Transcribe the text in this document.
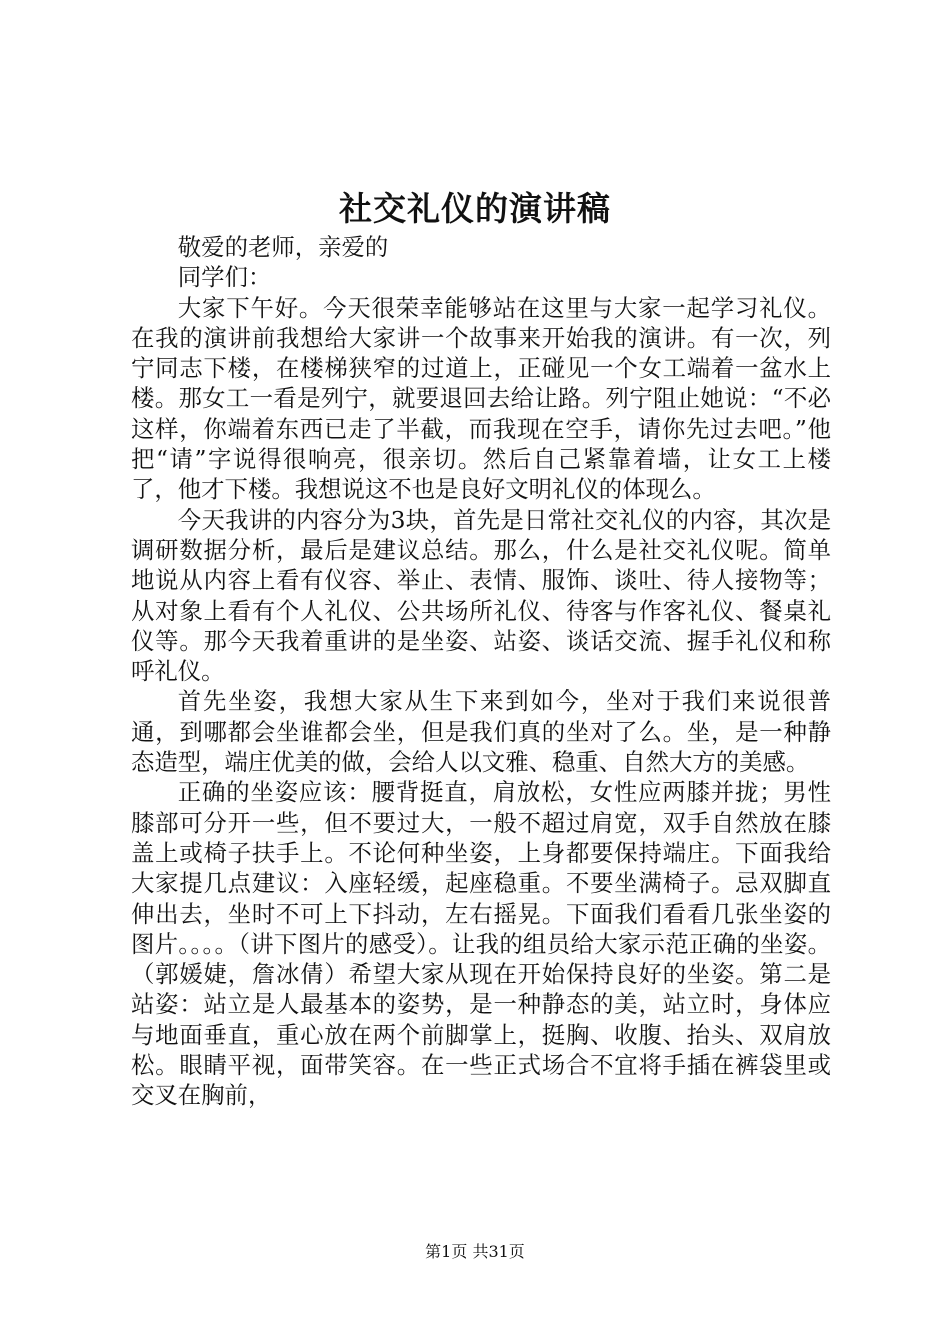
社交礼仪的演讲稿

敬爱的老师，亲爱的

同学们：

大家下午好。今天很荣幸能够站在这里与大家一起学习礼仪。在我的演讲前我想给大家讲一个故事来开始我的演讲。有一次，列宁同志下楼，在楼梯狭窄的过道上，正碰见一个女工端着一盆水上楼。那女工一看是列宁，就要退回去给让路。列宁阻止她说：“不必这样，你端着东西已走了半截，而我现在空手，请你先过去吧。”他把“请”字说得很响亮，很亲切。然后自己紧靠着墙，让女工上楼了，他才下楼。我想说这不也是良好文明礼仪的体现么。

今天我讲的内容分为3块，首先是日常社交礼仪的内容，其次是调研数据分析，最后是建议总结。那么，什么是社交礼仪呢。简单地说从内容上看有仪容、举止、表情、服饰、谈吐、待人接物等；从对象上看有个人礼仪、公共场所礼仪、待客与作客礼仪、餐桌礼仪等。那今天我着重讲的是坐姿、站姿、谈话交流、握手礼仪和称呼礼仪。

首先坐姿，我想大家从生下来到如今，坐对于我们来说很普通，到哪都会坐谁都会坐，但是我们真的坐对了么。坐，是一种静态造型，端庄优美的做，会给人以文雅、稳重、自然大方的美感。

正确的坐姿应该：腰背挺直，肩放松，女性应两膝并拢；男性膝部可分开一些，但不要过大，一般不超过肩宽，双手自然放在膝盖上或椅子扶手上。不论何种坐姿，上身都要保持端庄。下面我给大家提几点建议：入座轻缓，起座稳重。不要坐满椅子。忌双脚直伸出去，坐时不可上下抖动，左右摇晃。下面我们看看几张坐姿的图片。。。。（讲下图片的感受）。让我的组员给大家示范正确的坐姿。（郭媛婕，詹冰倩）希望大家从现在开始保持良好的坐姿。第二是站姿：站立是人最基本的姿势，是一种静态的美，站立时，身体应与地面垂直，重心放在两个前脚掌上，挺胸、收腹、抬头、双肩放松。眼睛平视，面带笑容。在一些正式场合不宜将手插在裤袋里或交叉在胸前，

第1页 共31页
